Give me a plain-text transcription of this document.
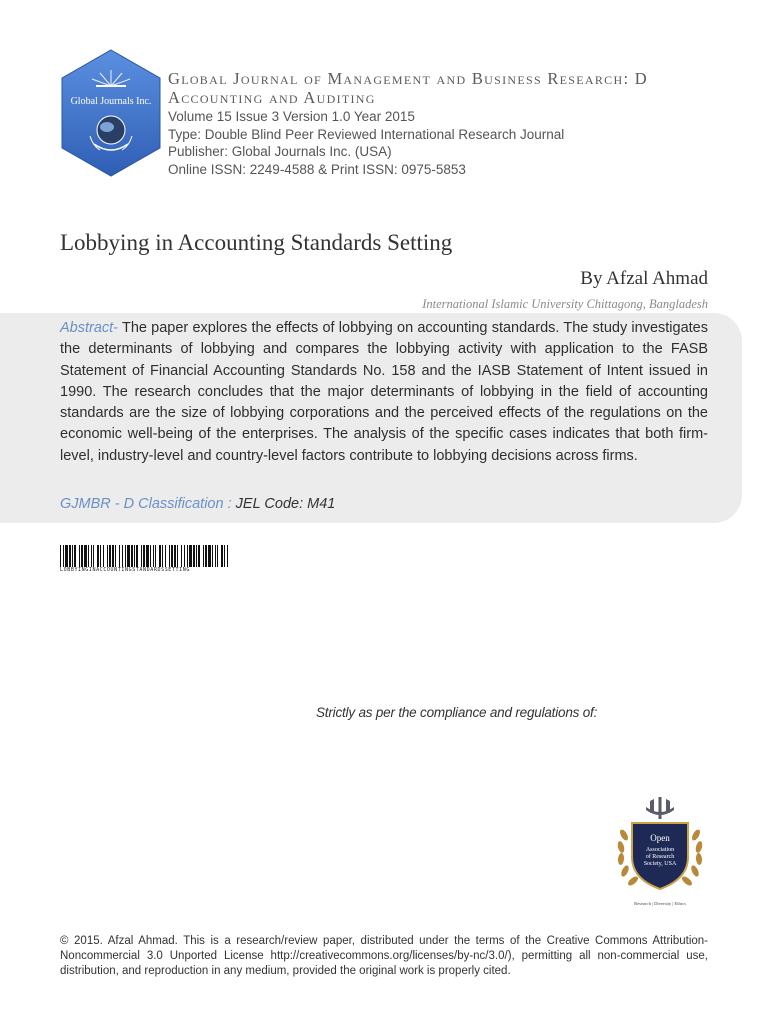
Global Journals Inc.
Global Journal of Management and Business Research: D
Accounting and Auditing
Volume 15 Issue 3 Version 1.0 Year 2015
Type: Double Blind Peer Reviewed International Research Journal
Publisher: Global Journals Inc. (USA)
Online ISSN: 2249-4588 & Print ISSN: 0975-5853
Lobbying in Accounting Standards Setting
By Afzal Ahmad
International Islamic University Chittagong, Bangladesh
Abstract- The paper explores the effects of lobbying on accounting standards. The study investigates the determinants of lobbying and compares the lobbying activity with application to the FASB Statement of Financial Accounting Standards No. 158 and the IASB Statement of Intent issued in 1990. The research concludes that the major determinants of lobbying in the field of accounting standards are the size of lobbying corporations and the perceived effects of the regulations on the economic well-being of the enterprises. The analysis of the specific cases indicates that both firm-level, industry-level and country-level factors contribute to lobbying decisions across firms.
GJMBR - D Classification : JEL Code: M41
LOBBYINGINACCOUNTINGSTANDARDSSETTING
Strictly as per the compliance and regulations of:
Open
Association
of Research
Society, USA
Research | Diversity | Ethics
© 2015. Afzal Ahmad. This is a research/review paper, distributed under the terms of the Creative Commons Attribution-Noncommercial 3.0 Unported License http://creativecommons.org/licenses/by-nc/3.0/), permitting all non-commercial use, distribution, and reproduction in any medium, provided the original work is properly cited.
